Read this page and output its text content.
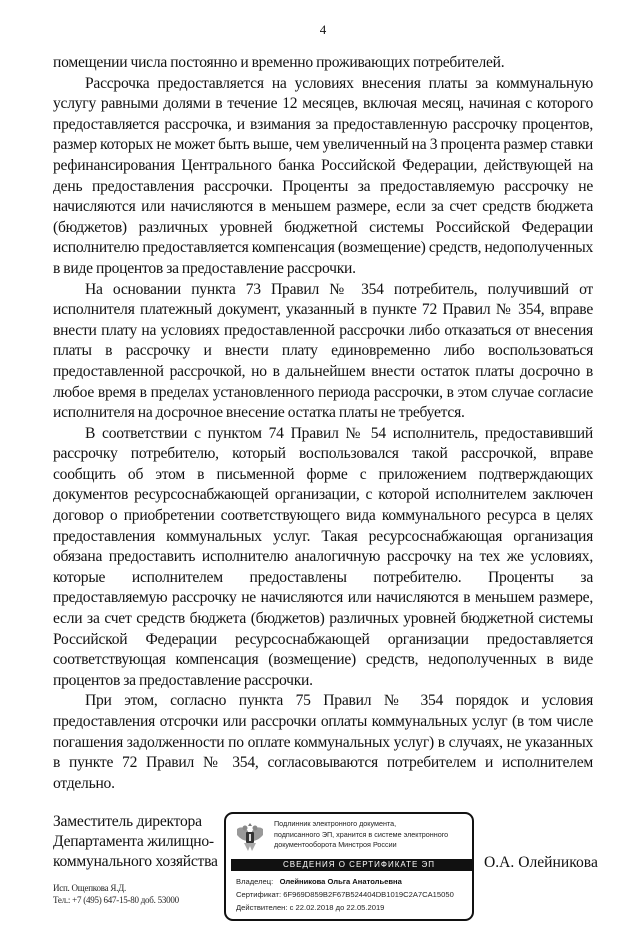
4

помещении числа постоянно и временно проживающих потребителей.

Рассрочка предоставляется на условиях внесения платы за коммунальную услугу равными долями в течение 12 месяцев, включая месяц, начиная с которого предоставляется рассрочка, и взимания за предоставленную рассрочку процентов, размер которых не может быть выше, чем увеличенный на 3 процента размер ставки рефинансирования Центрального банка Российской Федерации, действующей на день предоставления рассрочки. Проценты за предоставляемую рассрочку не начисляются или начисляются в меньшем размере, если за счет средств бюджета (бюджетов) различных уровней бюджетной системы Российской Федерации исполнителю предоставляется компенсация (возмещение) средств, недополученных в виде процентов за предоставление рассрочки.

На основании пункта 73 Правил № 354 потребитель, получивший от исполнителя платежный документ, указанный в пункте 72 Правил № 354, вправе внести плату на условиях предоставленной рассрочки либо отказаться от внесения платы в рассрочку и внести плату единовременно либо воспользоваться предоставленной рассрочкой, но в дальнейшем внести остаток платы досрочно в любое время в пределах установленного периода рассрочки, в этом случае согласие исполнителя на досрочное внесение остатка платы не требуется.

В соответствии с пунктом 74 Правил № 54 исполнитель, предоставивший рассрочку потребителю, который воспользовался такой рассрочкой, вправе сообщить об этом в письменной форме с приложением подтверждающих документов ресурсоснабжающей организации, с которой исполнителем заключен договор о приобретении соответствующего вида коммунального ресурса в целях предоставления коммунальных услуг. Такая ресурсоснабжающая организация обязана предоставить исполнителю аналогичную рассрочку на тех же условиях, которые исполнителем предоставлены потребителю. Проценты за предоставляемую рассрочку не начисляются или начисляются в меньшем размере, если за счет средств бюджета (бюджетов) различных уровней бюджетной системы Российской Федерации ресурсоснабжающей организации предоставляется соответствующая компенсация (возмещение) средств, недополученных в виде процентов за предоставление рассрочки.

При этом, согласно пункта 75 Правил № 354 порядок и условия предоставления отсрочки или рассрочки оплаты коммунальных услуг (в том числе погашения задолженности по оплате коммунальных услуг) в случаях, не указанных в пункте 72 Правил № 354, согласовываются потребителем и исполнителем отдельно.

Заместитель директора
Департамента жилищно-
коммунального хозяйства
Исп. Ощепкова Я.Д.
Тел.: +7 (495) 647-15-80 доб. 53000
Подлинник электронного документа,
подписанного ЭП, хранится в системе электронного
документооборота Минстроя России
СВЕДЕНИЯ О СЕРТИФИКАТЕ ЭП
Владелец: Олейникова Ольга Анатольевна
Сертификат: 6F969D859B2F67B524404DB1019C2A7CA15050
Действителен: с 22.02.2018 до 22.05.2019
О.А. Олейникова
